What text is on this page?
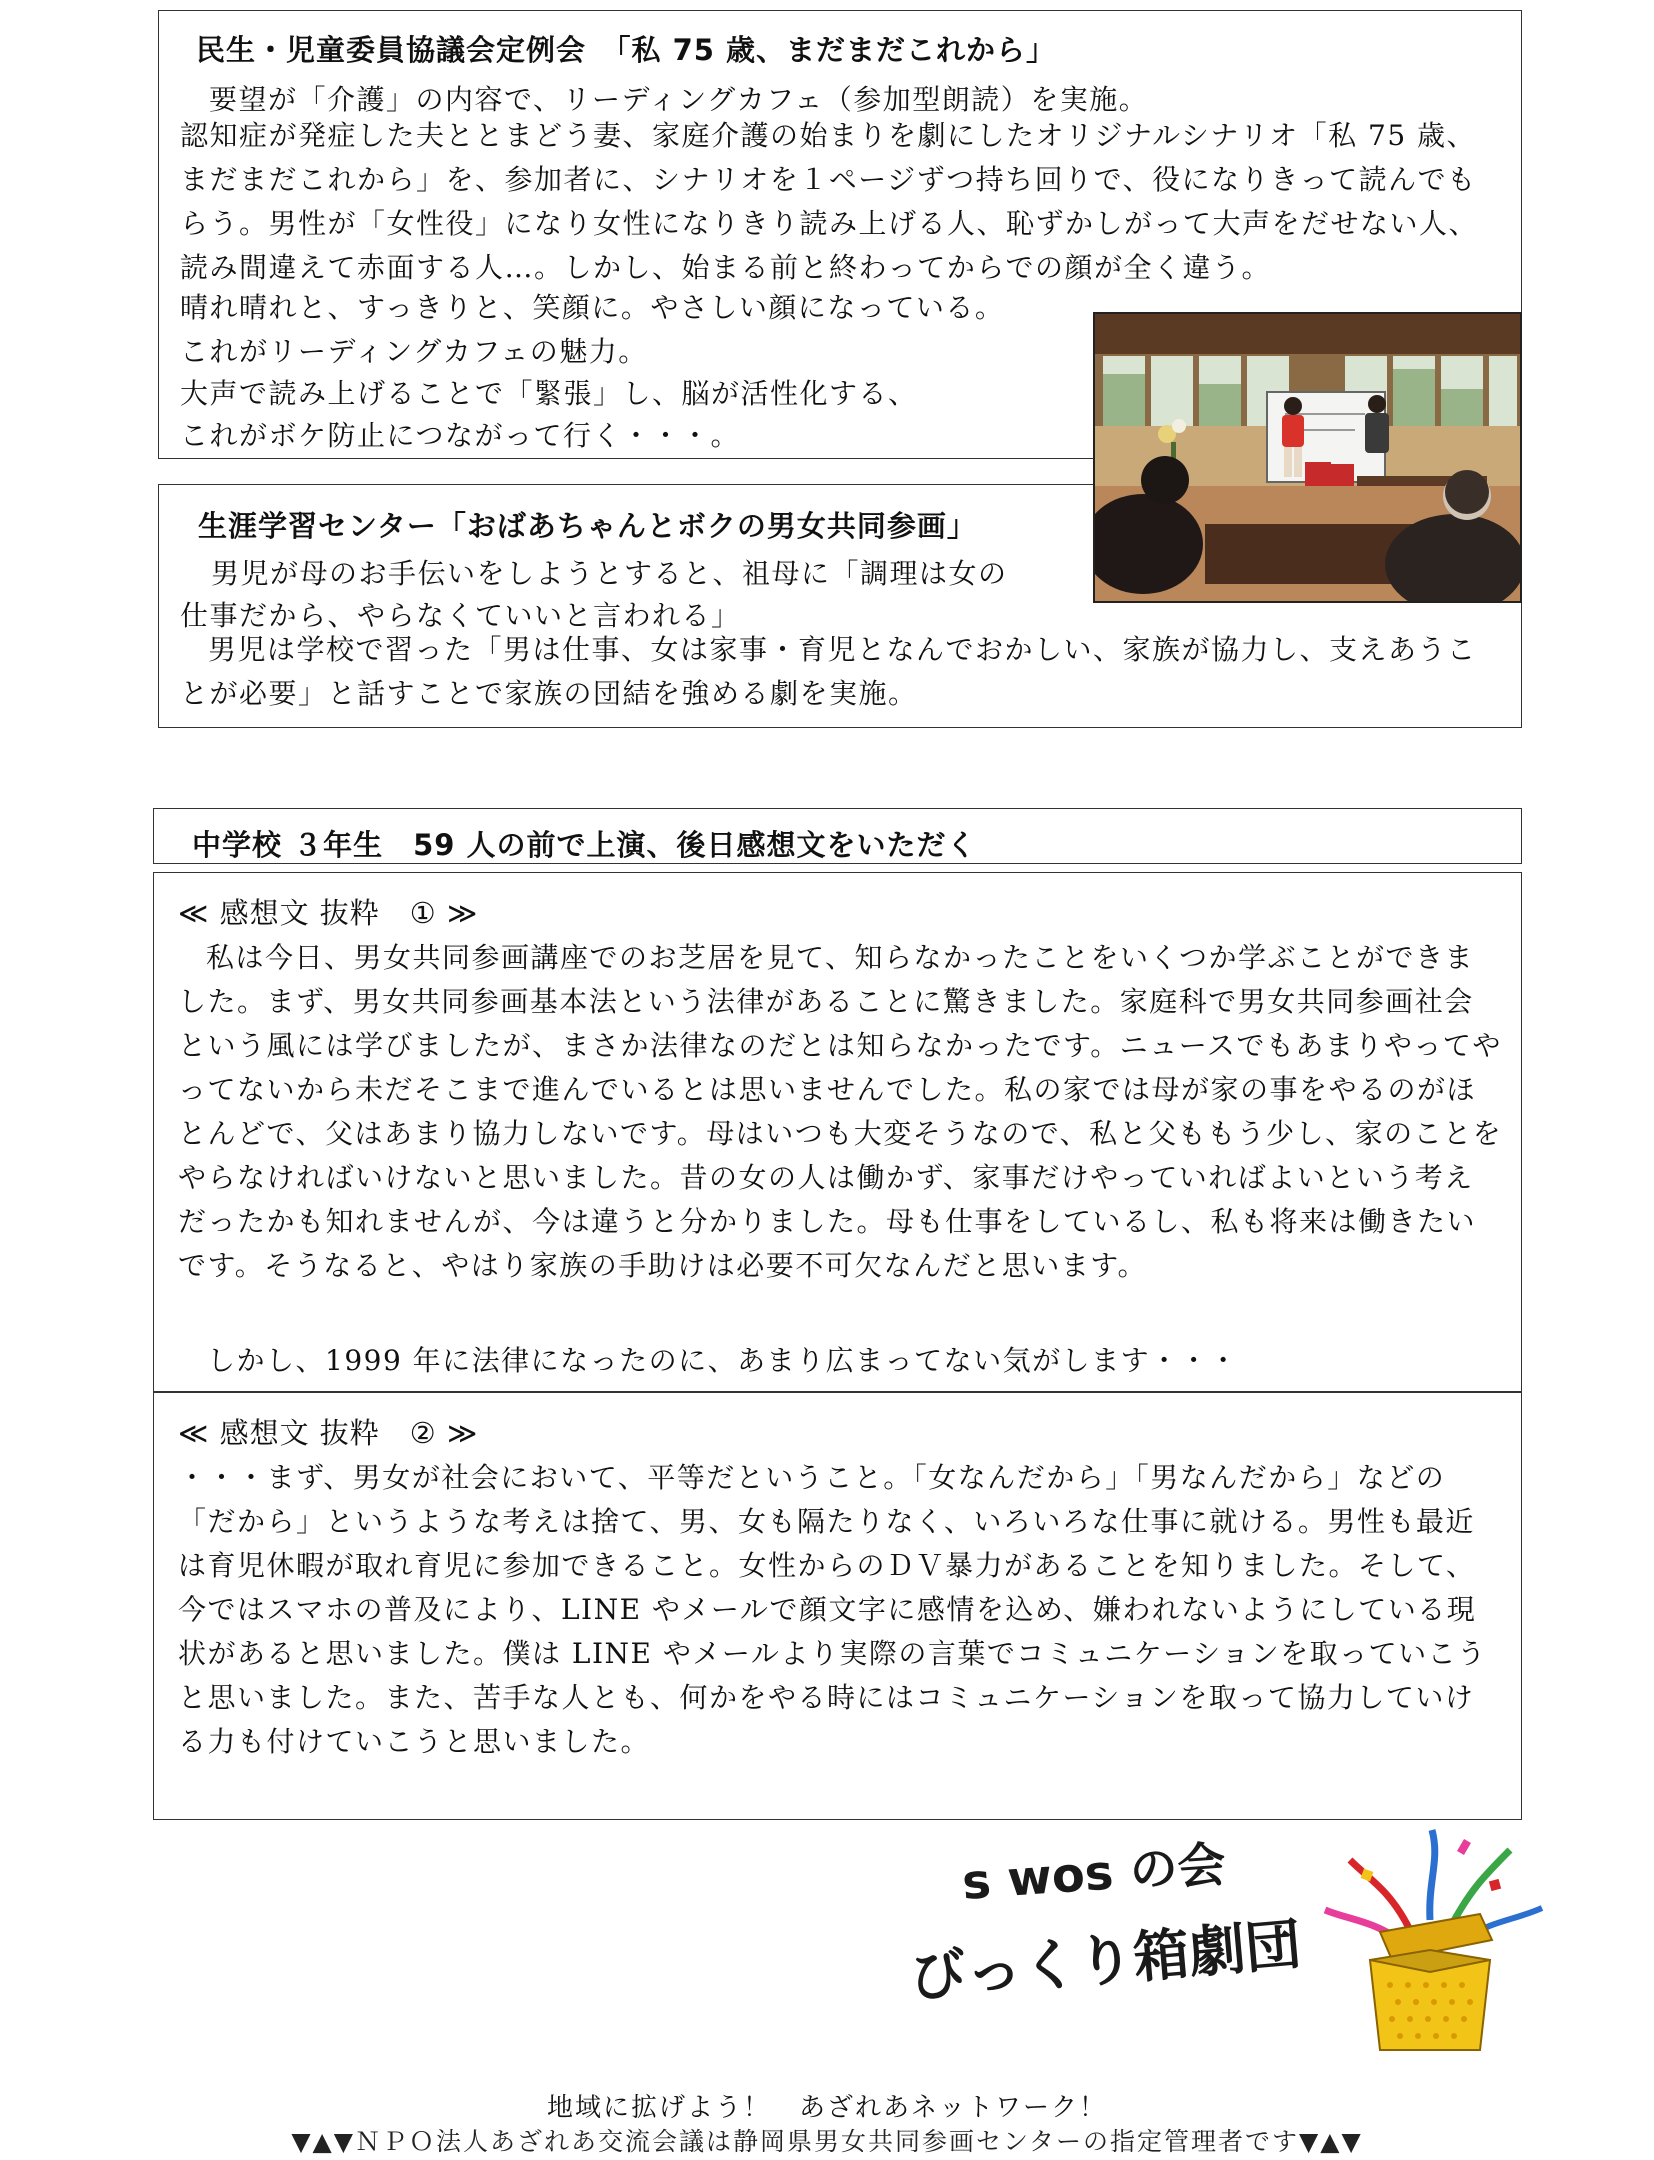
民生・児童委員協議会定例会　「私 75 歳、まだまだこれから」
要望が「介護」の内容で、リーディングカフェ（参加型朗読）を実施。
認知症が発症した夫ととまどう妻、家庭介護の始まりを劇にしたオリジナルシナリオ「私 75 歳、まだまだこれから」を、参加者に、シナリオを１ページずつ持ち回りで、役になりきって読んでもらう。男性が「女性役」になり女性になりきり読み上げる人、恥ずかしがって大声をだせない人、読み間違えて赤面する人…。しかし、始まる前と終わってからでの顔が全く違う。
晴れ晴れと、すっきりと、笑顔に。やさしい顔になっている。
これがリーディングカフェの魅力。
大声で読み上げることで「緊張」し、脳が活性化する、
これがボケ防止につながって行く・・・。
生涯学習センター「おばあちゃんとボクの男女共同参画」
男児が母のお手伝いをしようとすると、祖母に「調理は女の
仕事だから、やらなくていいと言われる」
男児は学校で習った「男は仕事、女は家事・育児となんでおかしい、家族が協力し、支えあうことが必要」と話すことで家族の団結を強める劇を実施。
中学校 ３年生　59 人の前で上演、後日感想文をいただく
≪ 感想文 抜粋　① ≫
私は今日、男女共同参画講座でのお芝居を見て、知らなかったことをいくつか学ぶことができました。まず、男女共同参画基本法という法律があることに驚きました。家庭科で男女共同参画社会という風には学びましたが、まさか法律なのだとは知らなかったです。ニュースでもあまりやってやってないから未だそこまで進んでいるとは思いませんでした。私の家では母が家の事をやるのがほとんどで、父はあまり協力しないです。母はいつも大変そうなので、私と父ももう少し、家のことをやらなければいけないと思いました。昔の女の人は働かず、家事だけやっていればよいという考えだったかも知れませんが、今は違うと分かりました。母も仕事をしているし、私も将来は働きたいです。そうなると、やはり家族の手助けは必要不可欠なんだと思います。
しかし、1999 年に法律になったのに、あまり広まってない気がします・・・
≪ 感想文 抜粋　② ≫
・・・まず、男女が社会において、平等だということ。「女なんだから」「男なんだから」などの「だから」というような考えは捨て、男、女も隔たりなく、いろいろな仕事に就ける。男性も最近は育児休暇が取れ育児に参加できること。女性からのＤＶ暴力があることを知りました。そして、今ではスマホの普及により、LINE やメールで顔文字に感情を込め、嫌われないようにしている現状があると思いました。僕は LINE やメールより実際の言葉でコミュニケーションを取っていこうと思いました。また、苦手な人とも、何かをやる時にはコミュニケーションを取って協力していける力も付けていこうと思いました。
s wos の会
びっくり箱劇団
地域に拡げよう！　あざれあネットワーク！
▼▲▼ＮＰＯ法人あざれあ交流会議は静岡県男女共同参画センターの指定管理者です▼▲▼
